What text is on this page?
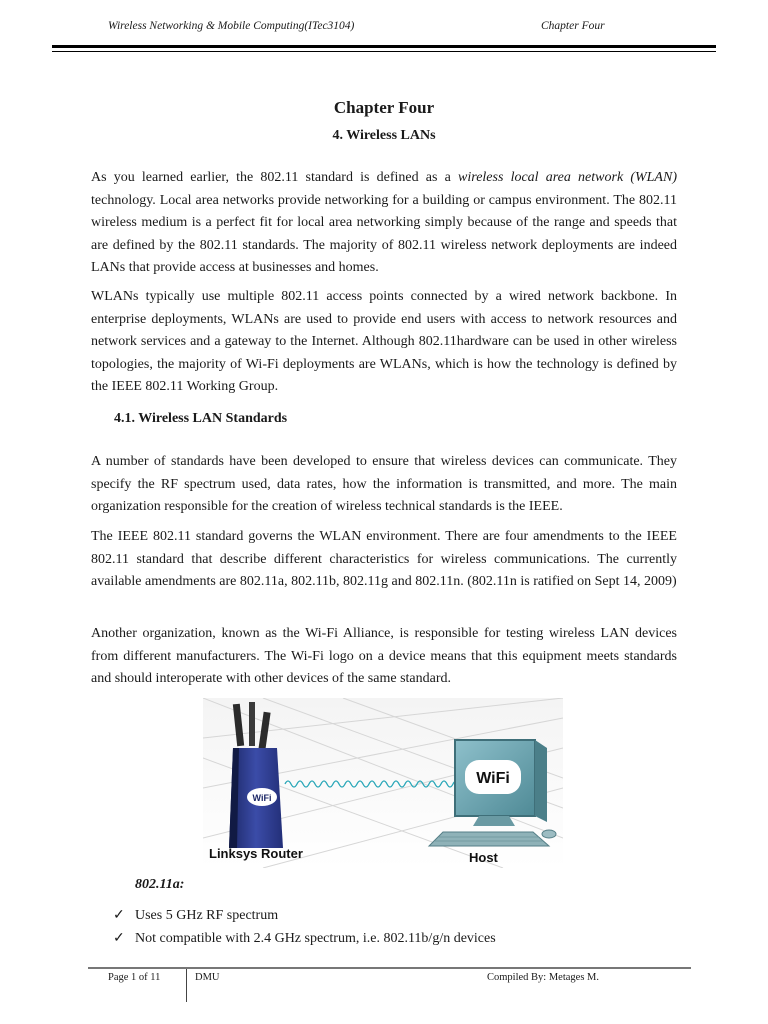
Wireless Networking & Mobile Computing(ITec3104)	Chapter Four
Chapter Four
4. Wireless LANs

As you learned earlier, the 802.11 standard is defined as a wireless local area network (WLAN) technology. Local area networks provide networking for a building or campus environment. The 802.11 wireless medium is a perfect fit for local area networking simply because of the range and speeds that are defined by the 802.11 standards. The majority of 802.11 wireless network deployments are indeed LANs that provide access at businesses and homes.

WLANs typically use multiple 802.11 access points connected by a wired network backbone. In enterprise deployments, WLANs are used to provide end users with access to network resources and network services and a gateway to the Internet. Although 802.11hardware can be used in other wireless topologies, the majority of Wi-Fi deployments are WLANs, which is how the technology is defined by the IEEE 802.11 Working Group.

4.1. Wireless LAN Standards

A number of standards have been developed to ensure that wireless devices can communicate. They specify the RF spectrum used, data rates, how the information is transmitted, and more. The main organization responsible for the creation of wireless technical standards is the IEEE.

The IEEE 802.11 standard governs the WLAN environment. There are four amendments to the IEEE 802.11 standard that describe different characteristics for wireless communications. The currently available amendments are 802.11a, 802.11b, 802.11g and 802.11n. (802.11n is ratified on Sept 14, 2009)

Another organization, known as the Wi-Fi Alliance, is responsible for testing wireless LAN devices from different manufacturers. The Wi-Fi logo on a device means that this equipment meets standards and should interoperate with other devices of the same standard.

WiFi
WiFi
Linksys Router	Host
802.11a:
✓ Uses 5 GHz RF spectrum
✓ Not compatible with 2.4 GHz spectrum, i.e. 802.11b/g/n devices
Page 1 of 11	DMU	Compiled By: Metages M.
